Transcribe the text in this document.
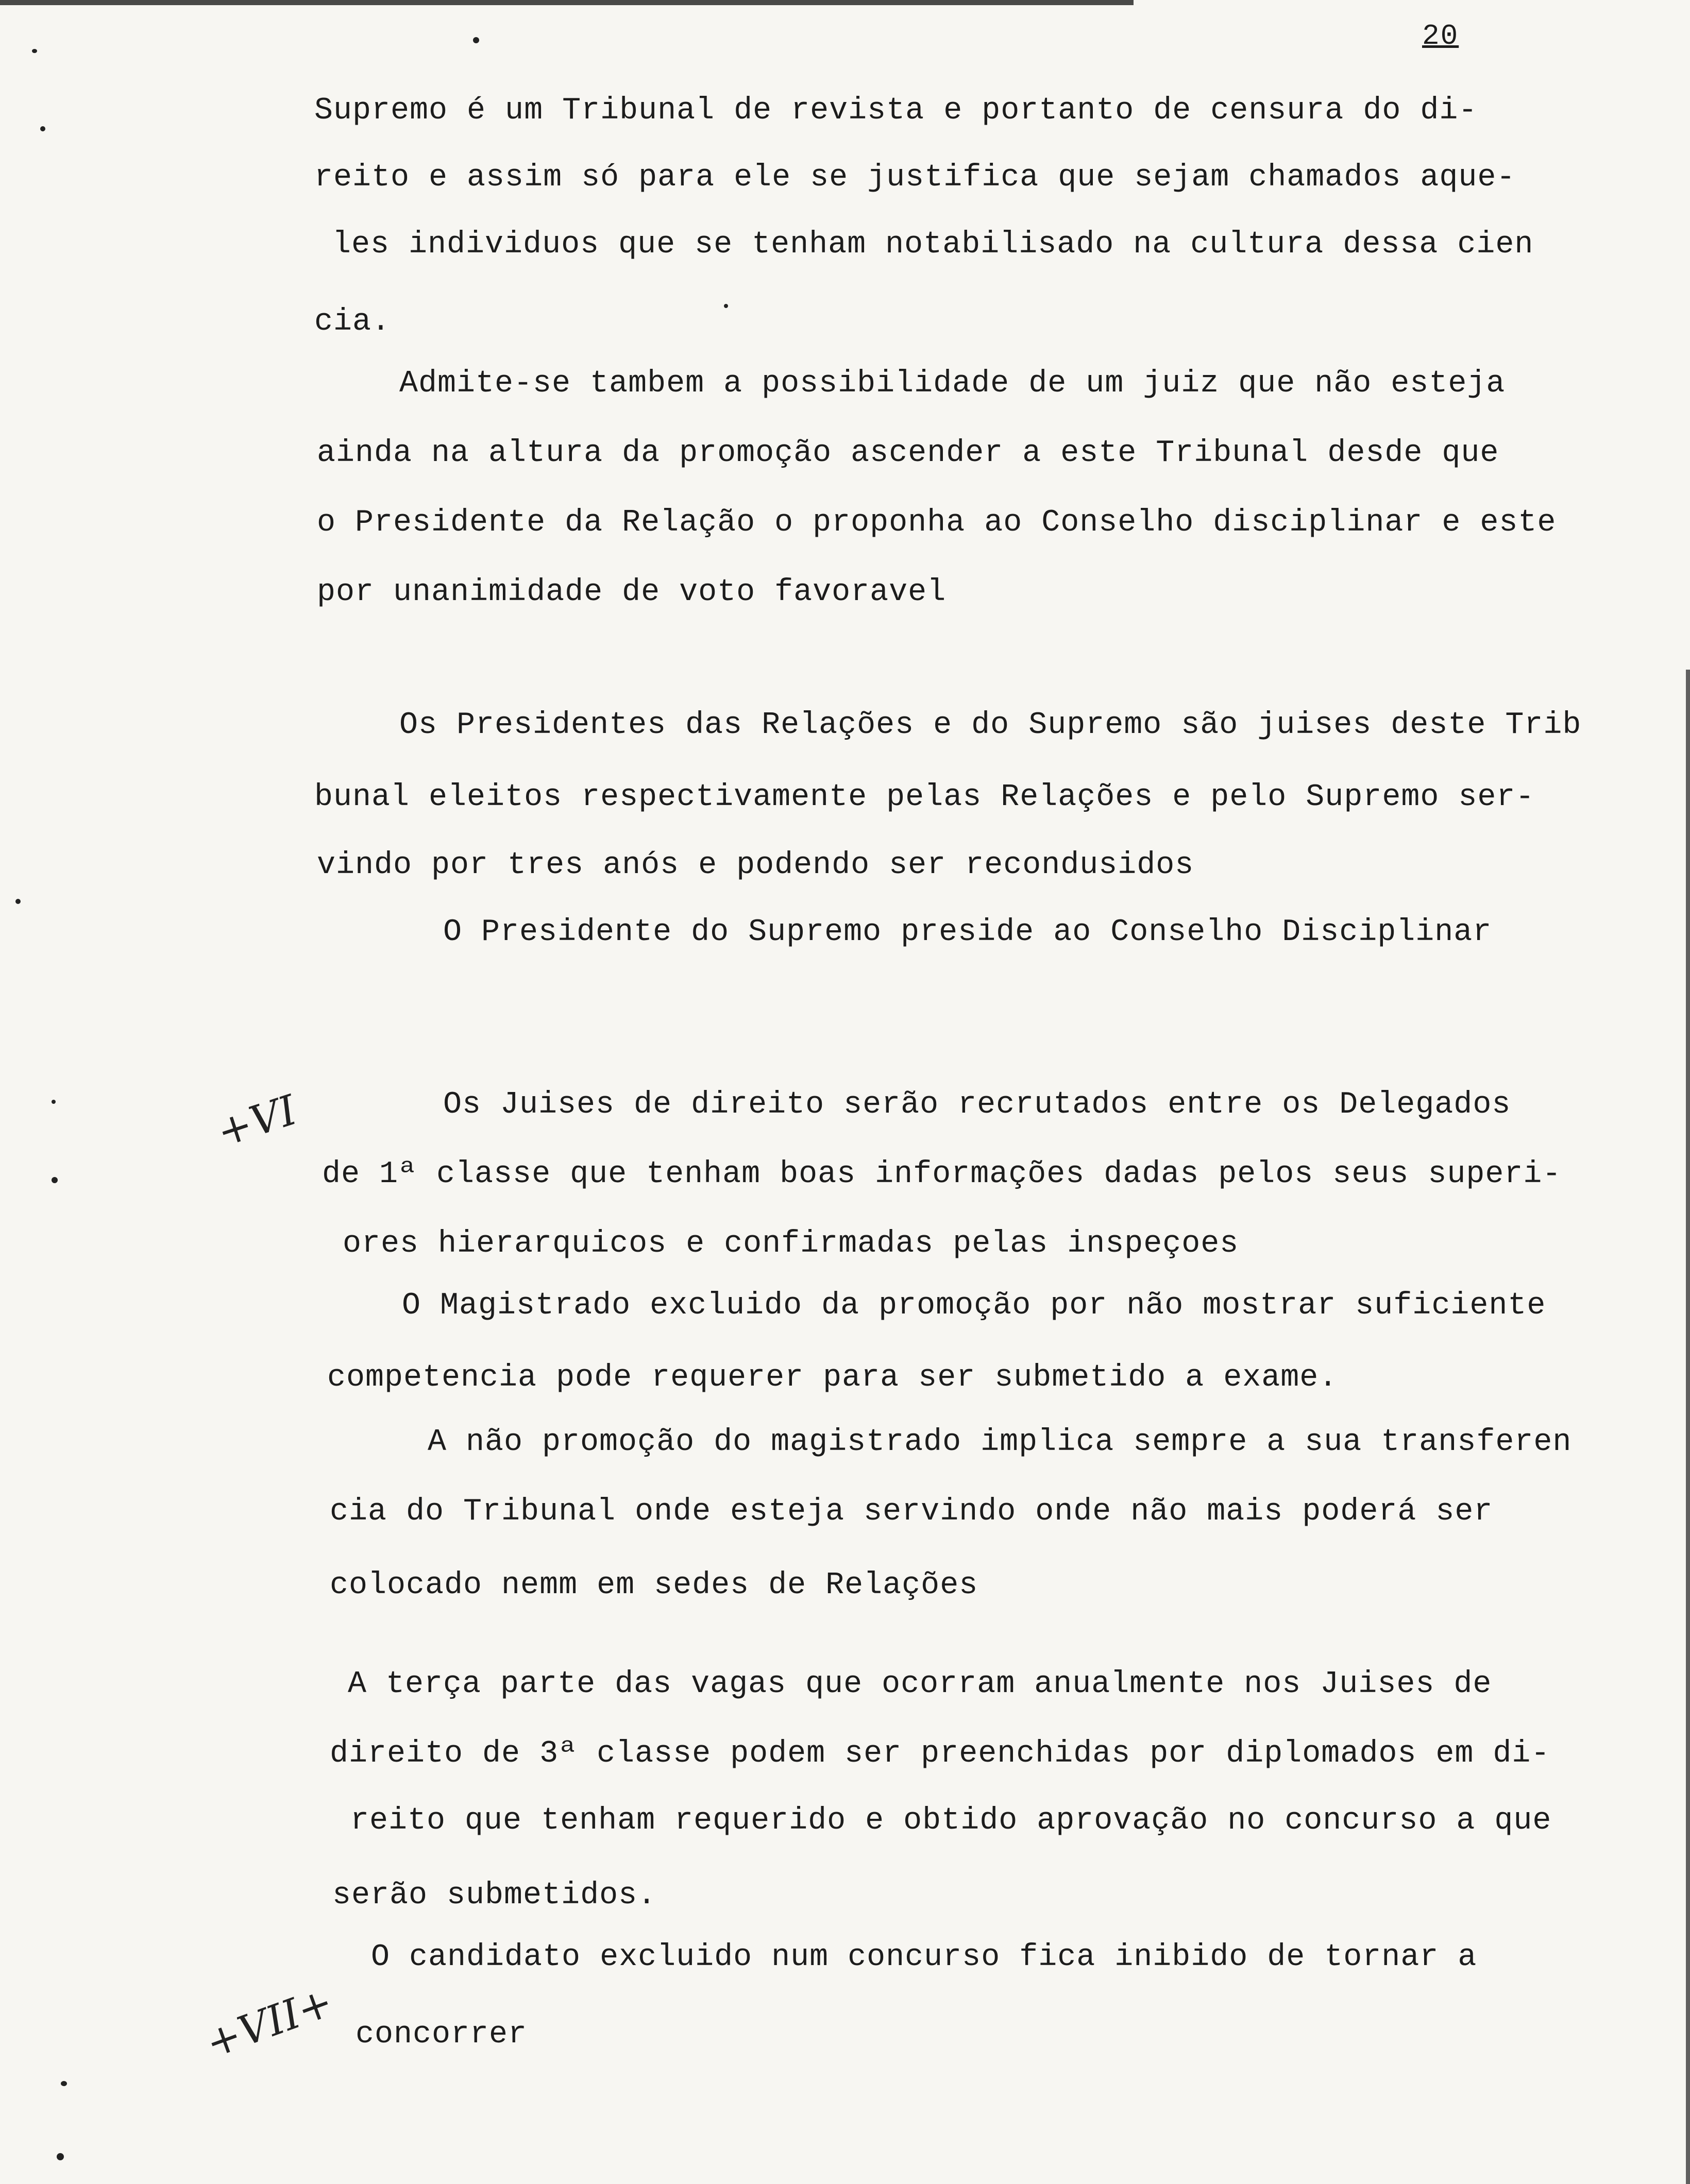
20
+VI
+VII+
Supremo é um Tribunal de revista e portanto de censura do di-
reito e assim só para ele se justifica que sejam chamados aque-
les individuos que se tenham notabilisado na cultura dessa cien
cia.
Admite-se tambem a possibilidade de um juiz que não esteja
ainda na altura da promoção ascender a este Tribunal desde que
o Presidente da Relação o proponha ao Conselho disciplinar e este
por unanimidade de voto favoravel
Os Presidentes das Relações e do Supremo são juises deste Trib
bunal eleitos respectivamente pelas Relações e pelo Supremo ser-
vindo por tres anós e podendo ser recondusidos
O Presidente do Supremo preside ao Conselho Disciplinar
Os Juises de direito serão recrutados entre os Delegados
de 1ª classe que tenham boas informações dadas pelos seus superi-
ores hierarquicos e confirmadas pelas inspeçoes
O Magistrado excluido da promoção por não mostrar suficiente
competencia pode requerer para ser submetido a exame.
A não promoção do magistrado implica sempre a sua transferen
cia do Tribunal onde esteja servindo onde não mais poderá ser
colocado nemm em sedes de Relações
A terça parte das vagas que ocorram anualmente nos Juises de
direito de 3ª classe podem ser preenchidas por diplomados em di-
reito que tenham requerido e obtido aprovação no concurso a que
serão submetidos.
O candidato excluido num concurso fica inibido de tornar a
concorrer
